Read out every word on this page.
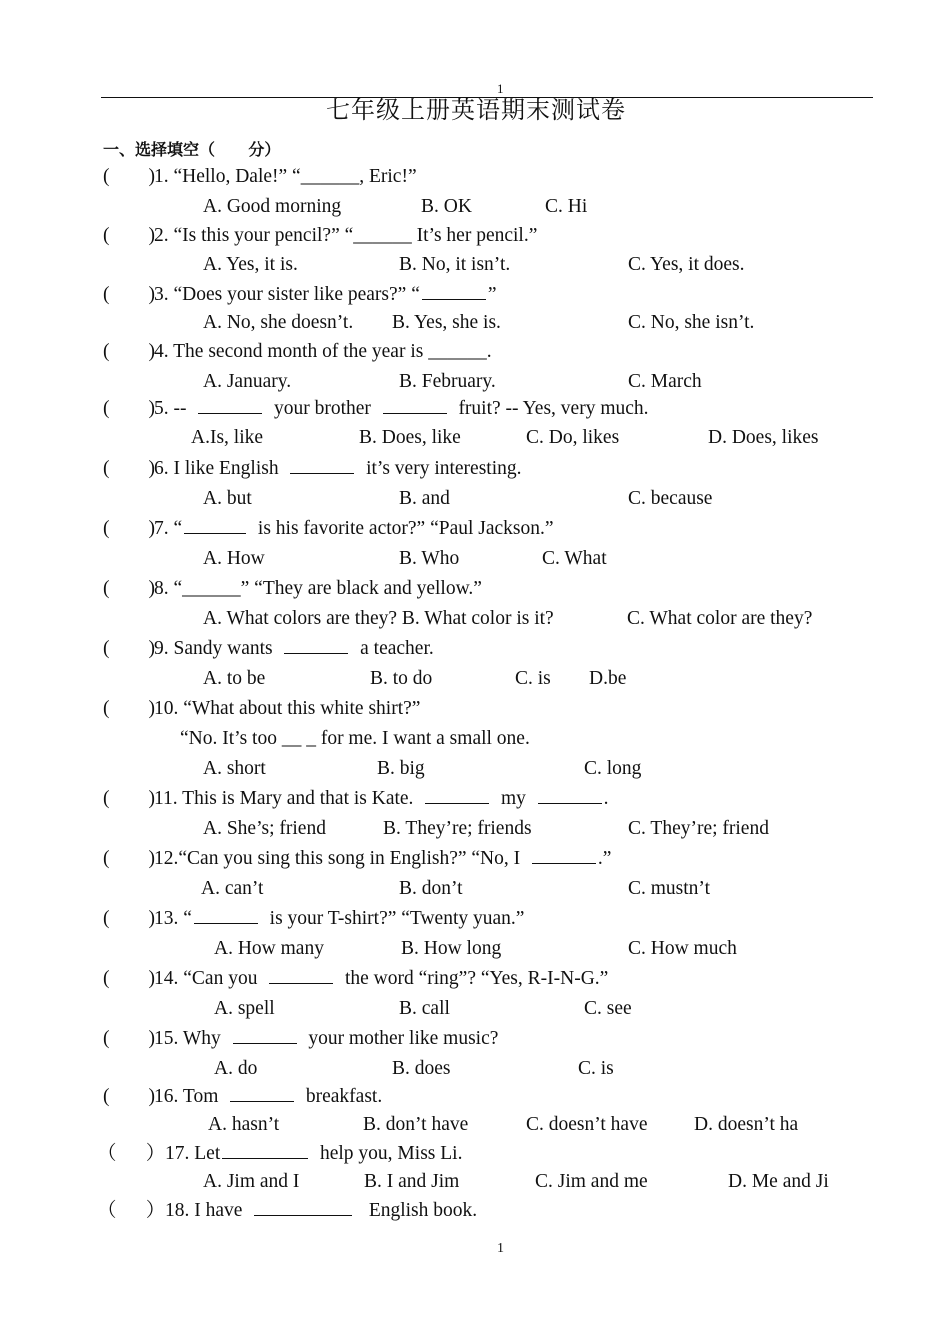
1
七年级上册英语期末测试卷
一、选择填空（      分）
(        ) 1. “Hello, Dale!” “______, Eric!”
A. Good morning	B. OK	C. Hi
(        ) 2. “Is this your pencil?” “______ It’s her pencil.”
A. Yes, it is.	B. No, it isn’t.	C. Yes, it does.
(        ) 3. “Does your sister like pears?” “	”
A. No, she doesn’t. B. Yes, she is.	C. No, she isn’t.
(        ) 4. The second month of the year is ______.
A. January.	B. February.	C. March
(        ) 5. --	your brother	fruit? -- Yes, very much.
A.Is, like	B. Does, like	C. Do, likes	D. Does, likes
(        ) 6. I like English	it’s very interesting.
A. but	B. and	C. because
(        ) 7. “	is his favorite actor?” “Paul Jackson.”
A. How	B. Who	C. What
(        ) 8. “______” “They are black and yellow.”
A. What colors are they? B. What color is it?	C. What color are they?
(        ) 9. Sandy wants	a teacher.
A. to be	B. to do	C. is D.be
(        ) 10. “What about this white shirt?”
“No. It’s too __ _ for me. I want a small one.
A. short	B. big	C. long
(        ) 11. This is Mary and that is Kate.	my	.
A. She’s; friend	B. They’re; friends	C. They’re; friend
(        ) 12.“Can you sing this song in English?” “No, I	.”
A. can’t	B. don’t	C. mustn’t
(        ) 13. “	is your T-shirt?” “Twenty yuan.”
A. How many	B. How long	C. How much
(        ) 14. “Can you	the word “ring”? “Yes, R-I-N-G.”
A. spell	B. call	C. see
(        ) 15. Why	your mother like music?
A. do	B. does	C. is
(        ) 16. Tom	breakfast.
A. hasn’t	B. don’t have	C. doesn’t have D. doesn’t ha
（      ） 17. Let	help you, Miss Li.
A. Jim and I	B. I and Jim	C. Jim and me	D. Me and Ji
（      ） 18. I have	English book.
1
